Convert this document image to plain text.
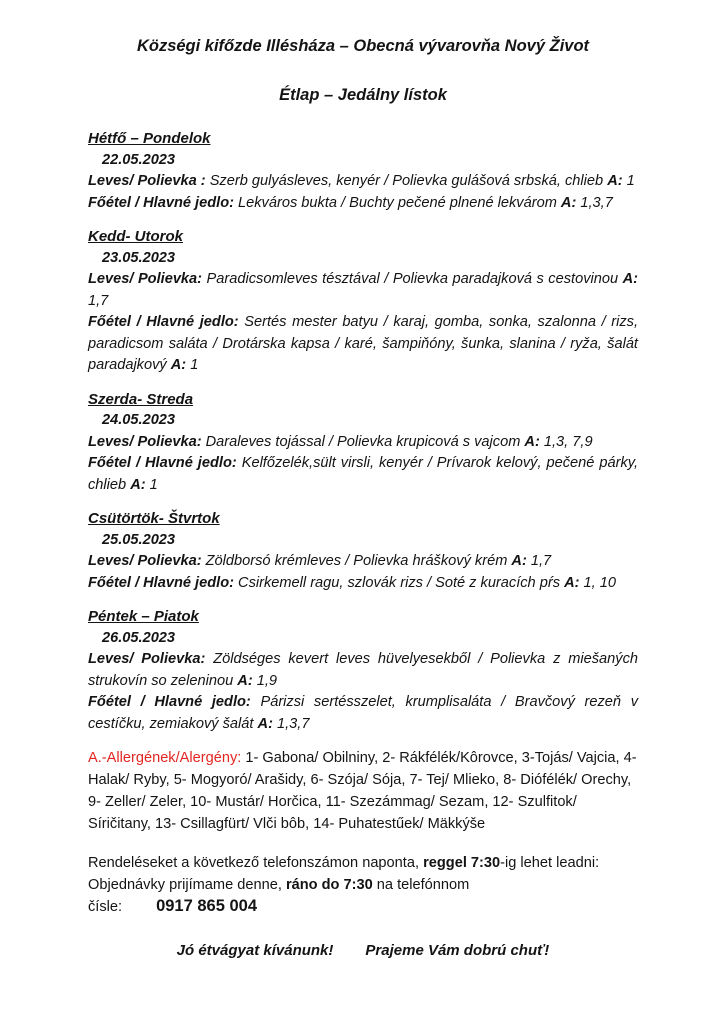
Községi kifőzde Illésháza – Obecná vývarovňa Nový Život
Étlap – Jedálny lístok
Hétfő – Pondelok

22.05.2023

Leves/ Polievka : Szerb gulyásleves, kenyér / Polievka gulášová srbská, chlieb A: 1

Főétel / Hlavné jedlo: Lekváros bukta / Buchty pečené plnené lekvárom A: 1,3,7

Kedd- Utorok

23.05.2023

Leves/ Polievka: Paradicsomleves tésztával / Polievka paradajková s cestovinou A: 1,7

Főétel / Hlavné jedlo: Sertés mester batyu / karaj, gomba, sonka, szalonna / rizs, paradicsom saláta / Drotárska kapsa / karé, šampiňóny, šunka, slanina / ryža, šalát paradajkový A: 1

Szerda- Streda

24.05.2023

Leves/ Polievka: Daraleves tojással / Polievka krupicová s vajcom A: 1,3, 7,9

Főétel / Hlavné jedlo: Kelfőzelék,sült virsli, kenyér / Prívarok kelový, pečené párky, chlieb A: 1

Csütörtök- Štvrtok

25.05.2023

Leves/ Polievka: Zöldborsó krémleves / Polievka hráškový krém A: 1,7

Főétel / Hlavné jedlo: Csirkemell ragu, szlovák rizs / Soté z kuracích pŕs A: 1, 10

Péntek – Piatok

26.05.2023

Leves/ Polievka: Zöldséges kevert leves hüvelyesekből / Polievka z miešaných strukovín so zeleninou A: 1,9

Főétel / Hlavné jedlo: Párizsi sertésszelet, krumplisaláta / Bravčový rezeň v cestíčku, zemiakový šalát A: 1,3,7

A.-Allergének/Alergény: 1- Gabona/ Obilniny, 2- Rákfélék/Kôrovce, 3-Tojás/ Vajcia, 4- Halak/ Ryby, 5- Mogyoró/ Arašidy, 6- Szója/ Sója, 7- Tej/ Mlieko, 8- Diófélék/ Orechy, 9- Zeller/ Zeler, 10- Mustár/ Horčica, 11- Szezámmag/ Sezam, 12- Szulfitok/ Síričitany, 13- Csillagfürt/ Vlči bôb, 14- Puhatestűek/ Mäkkýše

Rendeléseket a következő telefonszámon naponta, reggel 7:30-ig lehet leadni:

Objednávky prijímame denne, ráno do 7:30 na telefónnom čísle: 0917 865 004

Jó étvágyat kívánunk! Prajeme Vám dobrú chuť!
